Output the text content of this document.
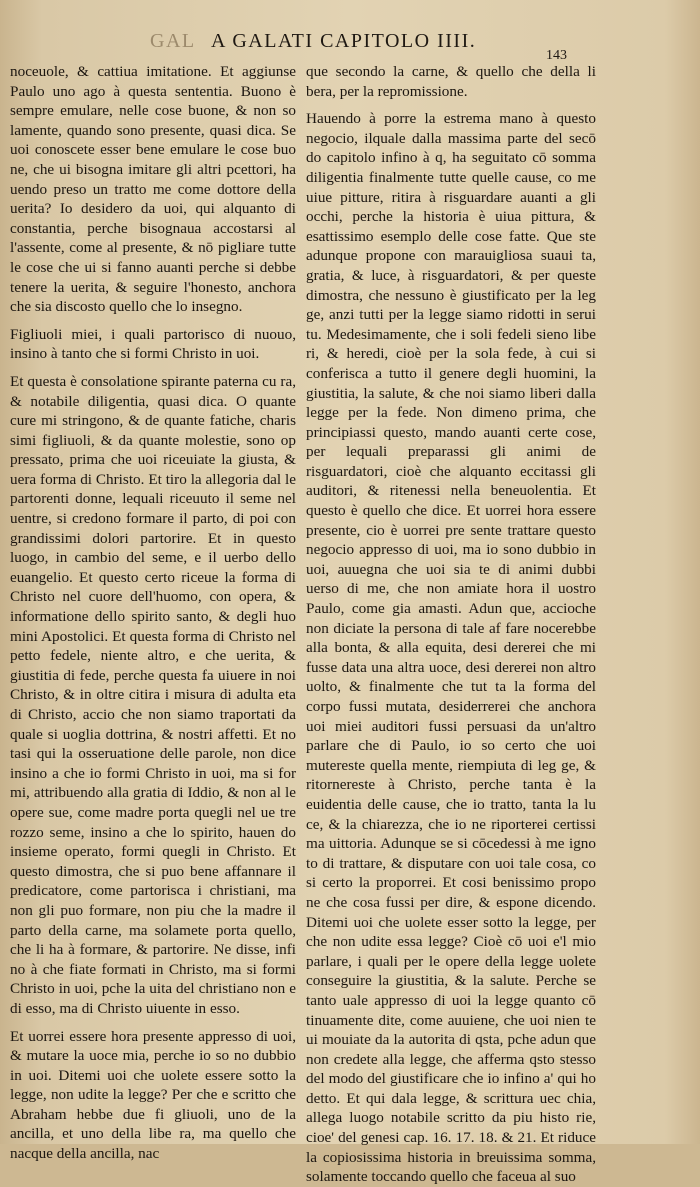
GAL A GALATI CAPITOLO IIII.
143

noceuole, & cattiua imitatione. Et aggiunse Paulo uno ago à questa sententia. Buono è sempre emulare, nelle cose buone, & non so lamente, quando sono presente, quasi dica. Se uoi conoscete esser bene emulare le cose buo ne, che ui bisogna imitare gli altri pcettori, ha uendo preso un tratto me come dottore della uerita? Io desidero da uoi, qui alquanto di constantia, perche bisognaua accostarsi al l'assente, come al presente, & nō pigliare tutte le cose che ui si fanno auanti perche si debbe tenere la uerita, & seguire l'honesto, anchora che sia discosto quello che lo insegno.

Figliuoli miei, i quali partorisco di nuouo, insino à tanto che si formi Christo in uoi.

Et questa è consolatione spirante paterna cu ra, & notabile diligentia, quasi dica. O quante cure mi stringono, & de quante fatiche, charis simi figliuoli, & da quante molestie, sono op pressato, prima che uoi riceuiate la giusta, & uera forma di Christo. Et tiro la allegoria dal le partorenti donne, lequali riceuuto il seme nel uentre, si credono formare il parto, di poi con grandissimi dolori partorire. Et in questo luogo, in cambio del seme, e il uerbo dello euangelio. Et questo certo riceue la forma di Christo nel cuore dell'huomo, con opera, & informatione dello spirito santo, & degli huo mini Apostolici. Et questa forma di Christo nel petto fedele, niente altro, e che uerita, & giustitia di fede, perche questa fa uiuere in noi Christo, & in oltre citira i misura di adulta eta di Christo, accio che non siamo traportati da quale si uoglia dottrina, & nostri affetti. Et no tasi qui la osseruatione delle parole, non dice insino a che io formi Christo in uoi, ma si for mi, attribuendo alla gratia di Iddio, & non al le opere sue, come madre porta quegli nel ue tre rozzo seme, insino a che lo spirito, hauen do insieme operato, formi quegli in Christo. Et questo dimostra, che si puo bene affannare il predicatore, come partorisca i christiani, ma non gli puo formare, non piu che la madre il parto della carne, ma solamete porta quello, che li ha à formare, & partorire. Ne disse, infi no à che fiate formati in Christo, ma si formi Christo in uoi, pche la uita del christiano non e di esso, ma di Christo uiuente in esso.

Et uorrei essere hora presente appresso di uoi, & mutare la uoce mia, perche io so no dubbio in uoi. Ditemi uoi che uolete essere sotto la legge, non udite la legge? Per che e scritto che Abraham hebbe due fi gliuoli, uno de la ancilla, et uno della libe ra, ma quello che nacque della ancilla, nac

que secondo la carne, & quello che della li bera, per la repromissione.

Hauendo à porre la estrema mano à questo negocio, ilquale dalla massima parte del secō do capitolo infino à q, ha seguitato cō somma diligentia finalmente tutte quelle cause, co me uiue pitture, ritira à risguardare auanti a gli occhi, perche la historia è uiua pittura, & esattissimo esemplo delle cose fatte. Que ste adunque propone con marauigliosa suaui ta, gratia, & luce, à risguardatori, & per queste dimostra, che nessuno è giustificato per la leg ge, anzi tutti per la legge siamo ridotti in serui tu. Medesimamente, che i soli fedeli sieno libe ri, & heredi, cioè per la sola fede, à cui si conferisca a tutto il genere degli huomini, la giustitia, la salute, & che noi siamo liberi dalla legge per la fede. Non dimeno prima, che principiassi questo, mando auanti certe cose, per lequali preparassi gli animi de risguardatori, cioè che alquanto eccitassi gli auditori, & ritenessi nella beneuolentia. Et questo è quello che dice. Et uorrei hora essere presente, cio è uorrei pre sente trattare questo negocio appresso di uoi, ma io sono dubbio in uoi, auuegna che uoi sia te di animi dubbi uerso di me, che non amiate hora il uostro Paulo, come gia amasti. Adun que, accioche non diciate la persona di tale af fare nocerebbe alla bonta, & alla equita, desi dererei che mi fusse data una altra uoce, desi dererei non altro uolto, & finalmente che tut ta la forma del corpo fussi mutata, desiderrerei che anchora uoi miei auditori fussi persuasi da un'altro parlare che di Paulo, io so certo che uoi mutereste quella mente, riempiuta di leg ge, & ritornereste à Christo, perche tanta è la euidentia delle cause, che io tratto, tanta la lu ce, & la chiarezza, che io ne riporterei certissi ma uittoria. Adunque se si cōcedessi à me igno to di trattare, & disputare con uoi tale cosa, co si certo la proporrei. Et cosi benissimo propo ne che cosa fussi per dire, & espone dicendo. Ditemi uoi che uolete esser sotto la legge, per che non udite essa legge? Cioè cō uoi e'l mio parlare, i quali per le opere della legge uolete conseguire la giustitia, & la salute. Perche se tanto uale appresso di uoi la legge quanto cō tinuamente dite, come auuiene, che uoi nien te ui mouiate da la autorita di qsta, pche adun que non credete alla legge, che afferma qsto stesso del modo del giustificare che io infino a' qui ho detto. Et qui dala legge, & scrittura uec chia, allega luogo notabile scritto da piu histo rie, cioe' del genesi cap. 16. 17. 18. & 21. Et riduce la copiosissima historia in breuissima somma, solamente toccando quello che faceua al suo
